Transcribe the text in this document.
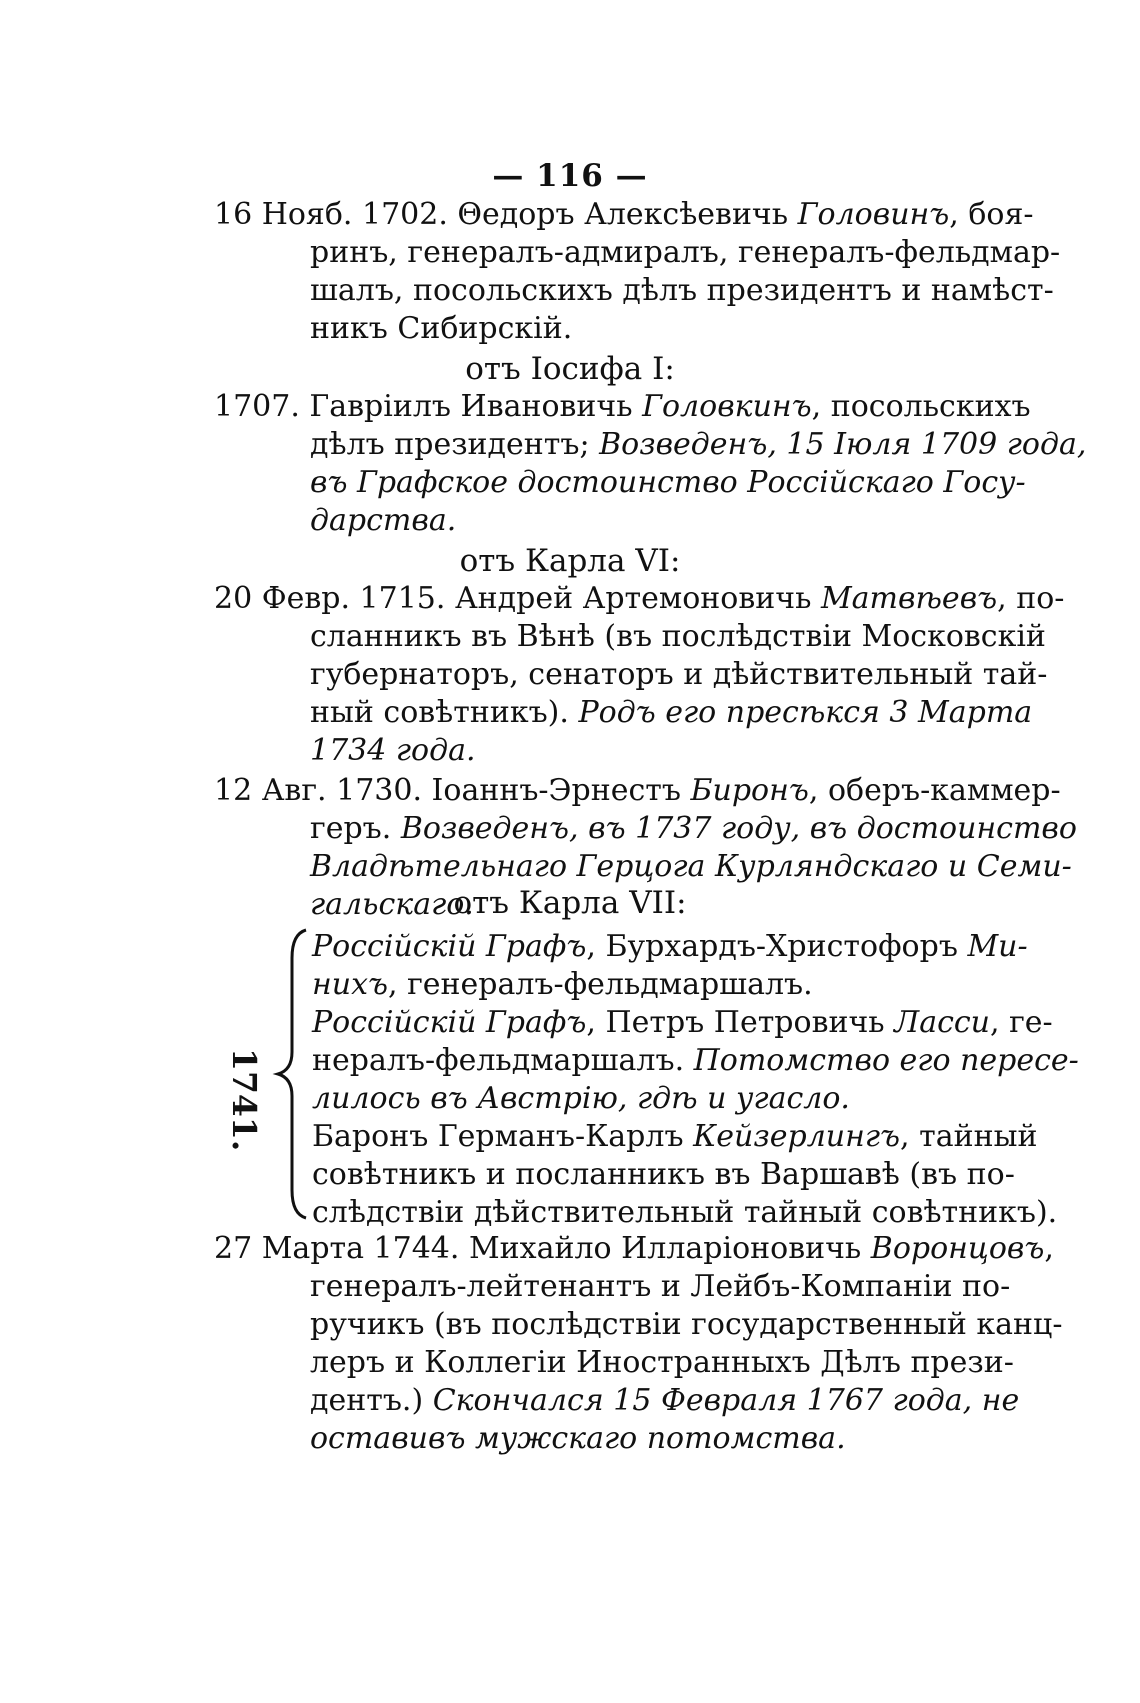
— 116 —
16 Нояб. 1702. Θедоръ Алексѣевичь Головинъ, боя-
ринъ, генералъ-адмиралъ, генералъ-фельдмар-
шалъ, посольскихъ дѣлъ президентъ и намѣст-
никъ Сибирскій.
отъ Іосифа I:
1707. Гавріилъ Ивановичь Головкинъ, посольскихъ
дѣлъ президентъ; Возведенъ, 15 Іюля 1709 года,
въ Графское достоинство Россійскаго Госу-
дарства.
отъ Карла VI:
20 Февр. 1715. Андрей Артемоновичь Матвѣевъ, по-
сланникъ въ Вѣнѣ (въ послѣдствіи Московскій
губернаторъ, сенаторъ и дѣйствительный тай-
ный совѣтникъ). Родъ его пресѣкся 3 Марта
1734 года.
12 Авг. 1730. Іоаннъ-Эрнестъ Биронъ, оберъ-каммер-
геръ. Возведенъ, въ 1737 году, въ достоинство
Владѣтельнаго Герцога Курляндскаго и Семи-
гальскаго.
отъ Карла VII:
1741.
Россійскій Графъ, Бурхардъ-Христофоръ Ми-
нихъ, генералъ-фельдмаршалъ.
Россійскій Графъ, Петръ Петровичь Ласси, ге-
нералъ-фельдмаршалъ. Потомство его пересе-
лилось въ Австрію, гдѣ и угасло.
Баронъ Германъ-Карлъ Кейзерлингъ, тайный
совѣтникъ и посланникъ въ Варшавѣ (въ по-
слѣдствіи дѣйствительный тайный совѣтникъ).
27 Марта 1744. Михайло Илларіоновичь Воронцовъ,
генералъ-лейтенантъ и Лейбъ-Компаніи по-
ручикъ (въ послѣдствіи государственный канц-
леръ и Коллегіи Иностранныхъ Дѣлъ прези-
дентъ.) Скончался 15 Февраля 1767 года, не
оставивъ мужскаго потомства.
